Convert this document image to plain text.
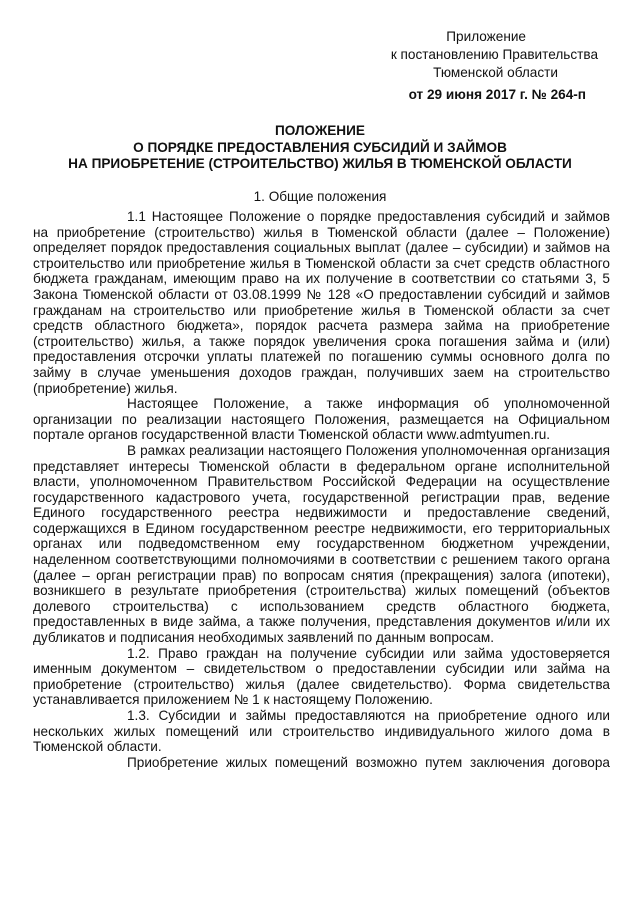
Приложение
к постановлению Правительства
Тюменской области
от 29 июня 2017 г. № 264-п
ПОЛОЖЕНИЕ
О ПОРЯДКЕ ПРЕДОСТАВЛЕНИЯ СУБСИДИЙ И ЗАЙМОВ
НА ПРИОБРЕТЕНИЕ (СТРОИТЕЛЬСТВО) ЖИЛЬЯ В ТЮМЕНСКОЙ ОБЛАСТИ
1. Общие положения

1.1 Настоящее Положение о порядке предоставления субсидий и займов на приобретение (строительство) жилья в Тюменской области (далее – Положение) определяет порядок предоставления социальных выплат (далее – субсидии) и займов на строительство или приобретение жилья в Тюменской области за счет средств областного бюджета гражданам, имеющим право на их получение в соответствии со статьями 3, 5 Закона Тюменской области от 03.08.1999 № 128 «О предоставлении субсидий и займов гражданам на строительство или приобретение жилья в Тюменской области за счет средств областного бюджета», порядок расчета размера займа на приобретение (строительство) жилья, а также порядок увеличения срока погашения займа и (или) предоставления отсрочки уплаты платежей по погашению суммы основного долга по займу в случае уменьшения доходов граждан, получивших заем на строительство (приобретение) жилья.

Настоящее Положение, а также информация об уполномоченной организации по реализации настоящего Положения, размещается на Официальном портале органов государственной власти Тюменской области www.admtyumen.ru.

В рамках реализации настоящего Положения уполномоченная организация представляет интересы Тюменской области в федеральном органе исполнительной власти, уполномоченном Правительством Российской Федерации на осуществление государственного кадастрового учета, государственной регистрации прав, ведение Единого государственного реестра недвижимости и предоставление сведений, содержащихся в Едином государственном реестре недвижимости, его территориальных органах или подведомственном ему государственном бюджетном учреждении, наделенном соответствующими полномочиями в соответствии с решением такого органа (далее – орган регистрации прав) по вопросам снятия (прекращения) залога (ипотеки), возникшего в результате приобретения (строительства) жилых помещений (объектов долевого строительства) с использованием средств областного бюджета, предоставленных в виде займа, а также получения, представления документов и/или их дубликатов и подписания необходимых заявлений по данным вопросам.

1.2. Право граждан на получение субсидии или займа удостоверяется именным документом – свидетельством о предоставлении субсидии или займа на приобретение (строительство) жилья (далее свидетельство). Форма свидетельства устанавливается приложением № 1 к настоящему Положению.

1.3. Субсидии и займы предоставляются на приобретение одного или нескольких жилых помещений или строительство индивидуального жилого дома в Тюменской области.

Приобретение жилых помещений возможно путем заключения договора
